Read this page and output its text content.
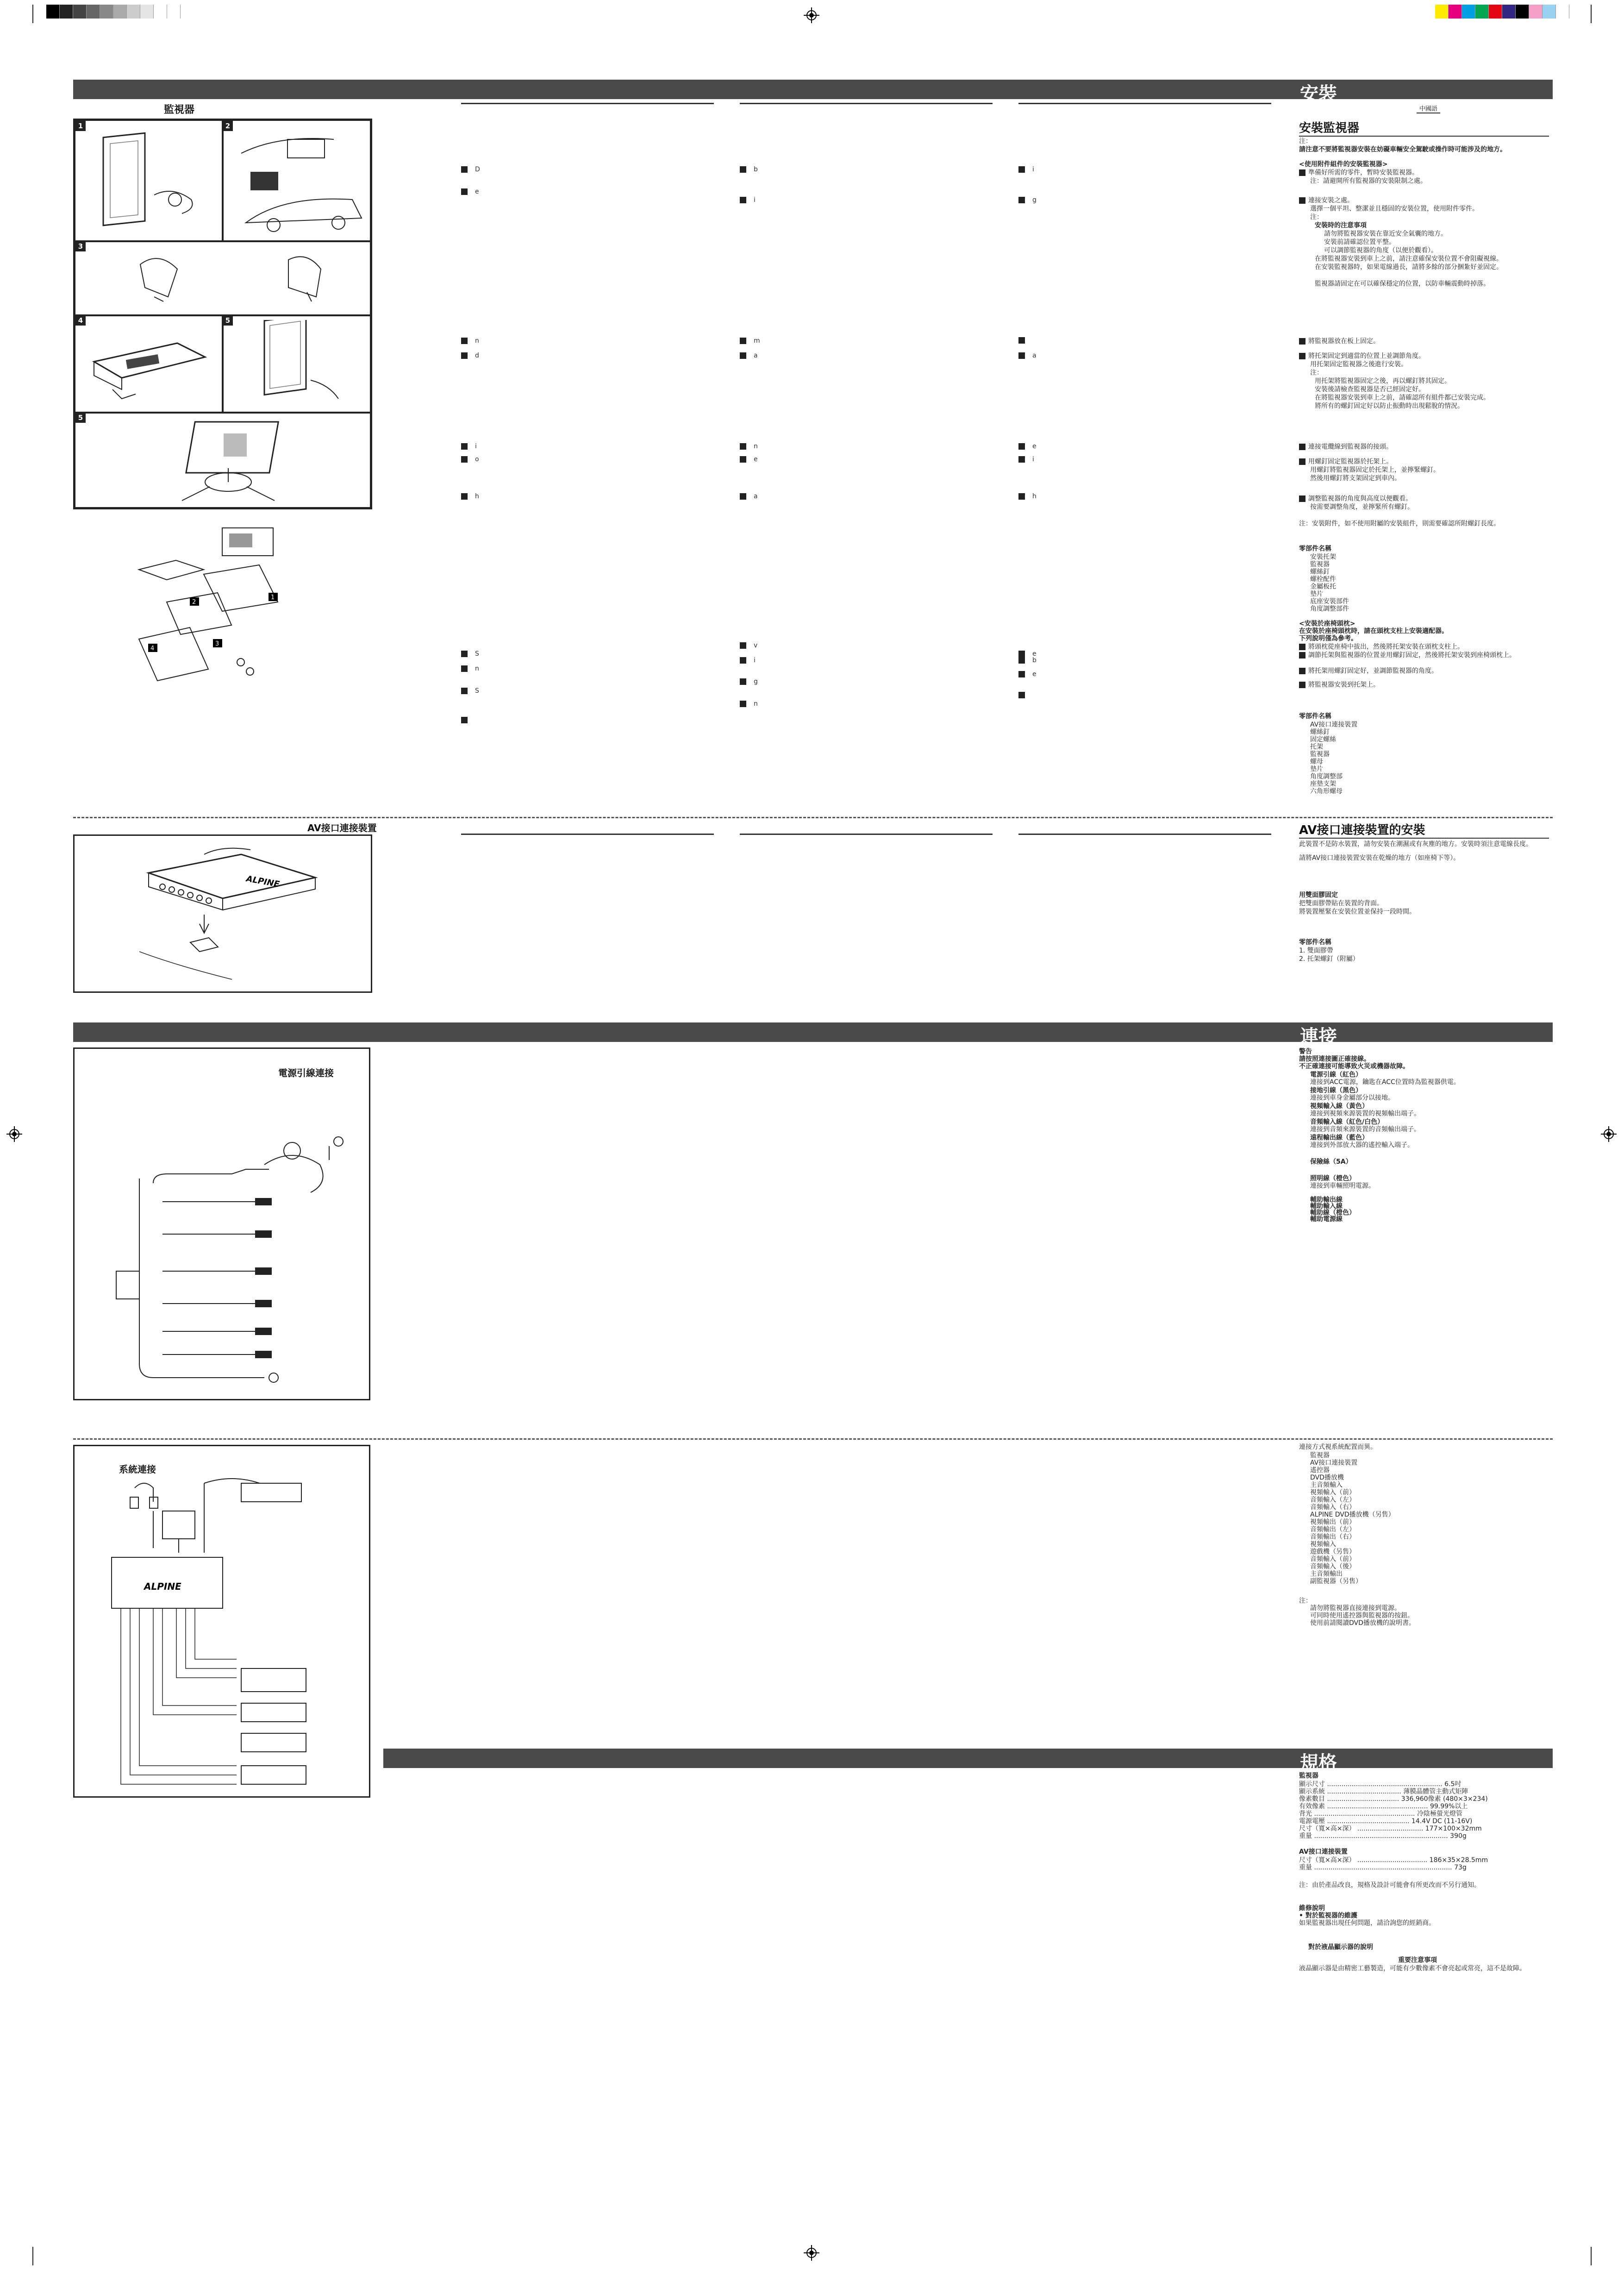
安裝
中國語
連接
規格
監視器
1	2
3
4	5
5
1
2
3
4
AV接口連接裝置
ALPINE
電源引線連接
系統連接
ALPINE
D
e
n
d
i
o
h
S
n
S
b
i
m
a
n
e
a
v
i
g
n
i
g
a
e
i
h
e
b
e
安裝監視器
注：
請注意不要將監視器安裝在妨礙車輛安全駕駛或操作時可能涉及的地方。
<使用附件組件的安裝監視器>
準備好所需的零件，暫時安裝監視器。
注：請避開所有監視器的安裝限制之處。
連接安裝之處。
選擇一個平坦、整潔並且穩固的安裝位置，使用附件零件。
注：
安裝時的注意事項
請勿將監視器安裝在靠近安全氣囊的地方。
安裝前請確認位置平整。
可以調節監視器的角度（以便於觀看）。
在將監視器安裝到車上之前，請注意確保安裝位置不會阻礙視線。
在安裝監視器時，如果電線過長，請將多餘的部分捆紮好並固定。
監視器請固定在可以確保穩定的位置，以防車輛震動時掉落。
將監視器放在板上固定。
將托架固定到適當的位置上並調節角度。
用托架固定監視器之後進行安裝。
注：
用托架將監視器固定之後，再以螺釘將其固定。
安裝後請檢查監視器是否已經固定好。
在將監視器安裝到車上之前，請確認所有組件都已安裝完成。
將所有的螺釘固定好以防止振動時出現鬆脫的情況。
連接電纜線到監視器的接頭。
用螺釘固定監視器於托架上。
用螺釘將監視器固定於托架上，並擰緊螺釘。
然後用螺釘將支架固定到車內。
調整監視器的角度與高度以便觀看。
按需要調整角度，並擰緊所有螺釘。
注：安裝附件，如不使用附屬的安裝組件，則需要確認所附螺釘長度。
零部件名稱
安裝托架
監視器
螺絲釘
螺栓配件
金屬板托
墊片
底座安裝部件
角度調整部件
<安裝於座椅頭枕>
在安裝於座椅頭枕時，請在頭枕支柱上安裝適配器。
下列說明僅為參考。
將頭枕從座椅中拔出，然後將托架安裝在頭枕支柱上。
調節托架與監視器的位置並用螺釘固定，然後將托架安裝到座椅頭枕上。
將托架用螺釘固定好，並調節監視器的角度。
將監視器安裝到托架上。
零部件名稱
AV接口連接裝置
螺絲釘
固定螺絲
托架
監視器
螺母
墊片
角度調整部
座墊支架
六角形螺母
AV接口連接裝置的安裝
此裝置不是防水裝置，請勿安裝在潮濕或有灰塵的地方。安裝時須注意電線長度。
請將AV接口連接裝置安裝在乾燥的地方（如座椅下等）。
用雙面膠固定
把雙面膠帶貼在裝置的背面。
將裝置壓緊在安裝位置並保持一段時間。
零部件名稱
1. 雙面膠帶
2. 托架螺釘（附屬）
警告
請按照連接圖正確接線。
不正確連接可能導致火災或機器故障。
電源引線（紅色）
連接到ACC電源，鑰匙在ACC位置時為監視器供電。
接地引線（黑色）
連接到車身金屬部分以接地。
視頻輸入線（黃色）
連接到視頻來源裝置的視頻輸出端子。
音頻輸入線（紅色/白色）
連接到音頻來源裝置的音頻輸出端子。
遠程輸出線（藍色）
連接到外部放大器的遙控輸入端子。
保險絲（5A）
照明線（橙色）
連接到車輛照明電源。
輔助輸出線
輔助輸入線
輔助線（橙色）
輔助電源線
連接方式視系統配置而異。
監視器
AV接口連接裝置
遙控器
DVD播放機
主音頻輸入
視頻輸入（前）
音頻輸入（左）
音頻輸入（右）
ALPINE DVD播放機（另售）
視頻輸出（前）
音頻輸出（左）
音頻輸出（右）
視頻輸入
遊戲機（另售）
音頻輸入（前）
音頻輸入（後）
主音頻輸出
副監視器（另售）
注：
請勿將監視器直接連接到電源。
可同時使用遙控器與監視器的按鈕。
使用前請閱讀DVD播放機的說明書。
監視器
顯示尺寸 ........................................................ 6.5吋
顯示系統 .................................... 薄膜晶體管主動式矩陣
像素數目 ................................... 336,960像素 (480×3×234)
有效像素 ................................................. 99.99%以上
背光 ................................................. 冷陰極螢光燈管
電源電壓 ........................................ 14.4V DC (11-16V)
尺寸（寬×高×深） ................................ 177×100×32mm
重量 ................................................................. 390g
AV接口連接裝置
尺寸（寬×高×深） .................................. 186×35×28.5mm
重量 ................................................................... 73g
注：由於產品改良，規格及設計可能會有所更改而不另行通知。
維修說明
• 對於監視器的維護
如果監視器出現任何問題，請洽詢您的經銷商。
對於液晶顯示器的說明
重要注意事項
液晶顯示器是由精密工藝製造，可能有少數像素不會亮起或常亮，這不是故障。
